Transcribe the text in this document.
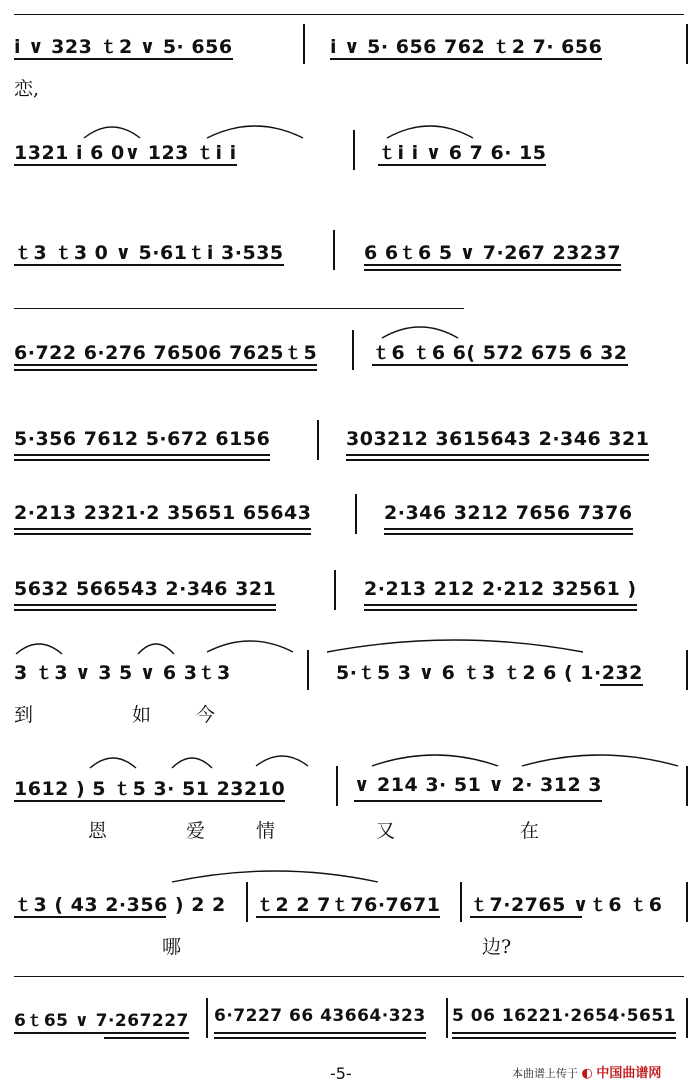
i ∨ 323 ｔ2 ∨ 5· 656	i ∨ 5· 656 762 ｔ2 7· 656
恋,
1321 i 6 0∨ 123 ｔi i	ｔi i ∨ 6 7 6· 15
ｔ3 ｔ3 0 ∨ 5·61ｔi 3·535	6 6ｔ6 5 ∨ 7·267 23237
6·722 6·276 76506 7625ｔ5	ｔ6 ｔ6 6( 572 675 6 32
5·356 7612 5·672 6156	303212 3615643 2·346 321
2·213 2321·2 35651 65643	2·346 3212 7656 7376
5632 566543 2·346 321	2·213 212 2·212 32561 )
3 ｔ3 ∨ 3 5 ∨ 6 3ｔ3	5·ｔ5 3 ∨ 6 ｔ3 ｔ2 6 ( 1·232
到	如 今
1612 ) 5 ｔ5 3· 51 23210	∨ 214 3· 51 ∨ 2· 312 3
恩	爱	情	又	在
ｔ3 ( 43 2·356 ) 2 2 ｔ2 2 7ｔ76·7671 ｔ7·2765 ∨ｔ6 ｔ6
哪	边?
6ｔ65 ∨ 7·267227 6·7227 66 43664·323 5 06 16221·2654·5651
-5-	本曲谱上传于 ◐ 中国曲谱网
